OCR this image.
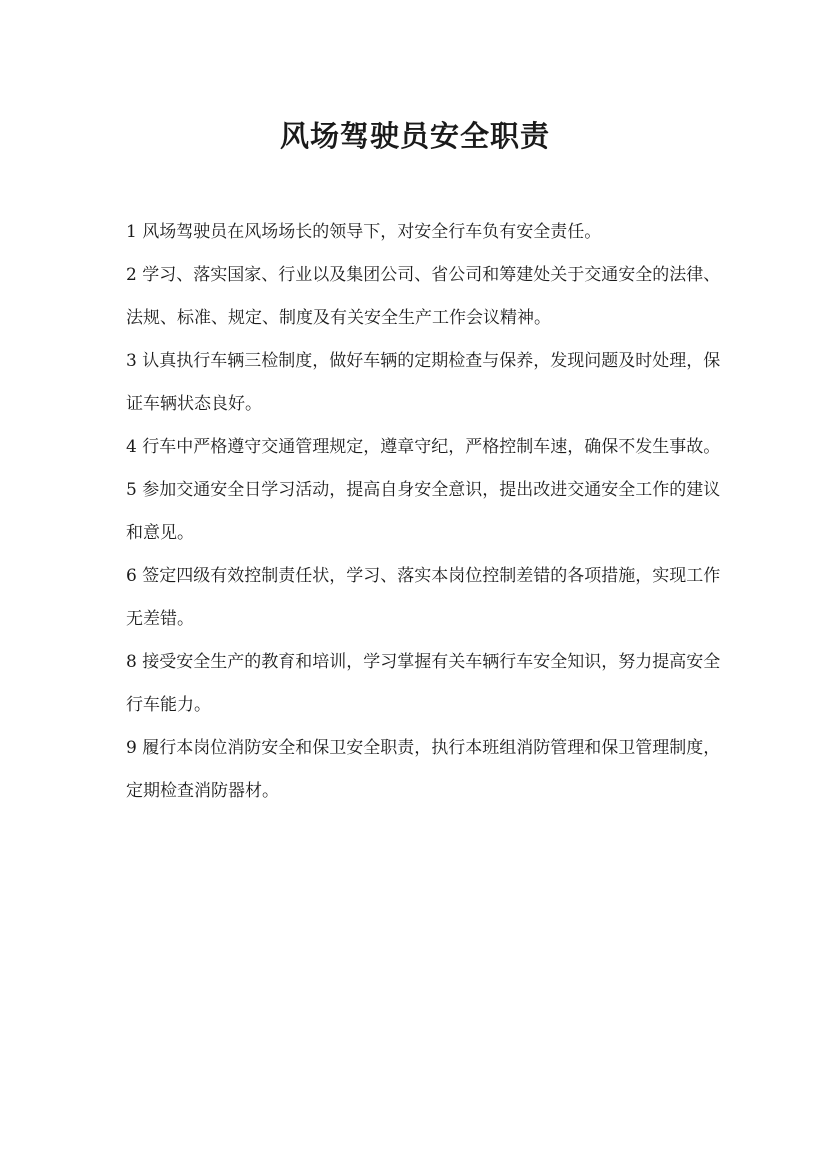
风场驾驶员安全职责
1 风场驾驶员在风场场长的领导下，对安全行车负有安全责任。
2 学习、落实国家、行业以及集团公司、省公司和筹建处关于交通安全的法律、
法规、标准、规定、制度及有关安全生产工作会议精神。
3 认真执行车辆三检制度，做好车辆的定期检查与保养，发现问题及时处理，保
证车辆状态良好。
4 行车中严格遵守交通管理规定，遵章守纪，严格控制车速，确保不发生事故。
5 参加交通安全日学习活动，提高自身安全意识，提出改进交通安全工作的建议
和意见。
6 签定四级有效控制责任状，学习、落实本岗位控制差错的各项措施，实现工作
无差错。
8 接受安全生产的教育和培训，学习掌握有关车辆行车安全知识，努力提高安全
行车能力。
9 履行本岗位消防安全和保卫安全职责，执行本班组消防管理和保卫管理制度，
定期检查消防器材。
